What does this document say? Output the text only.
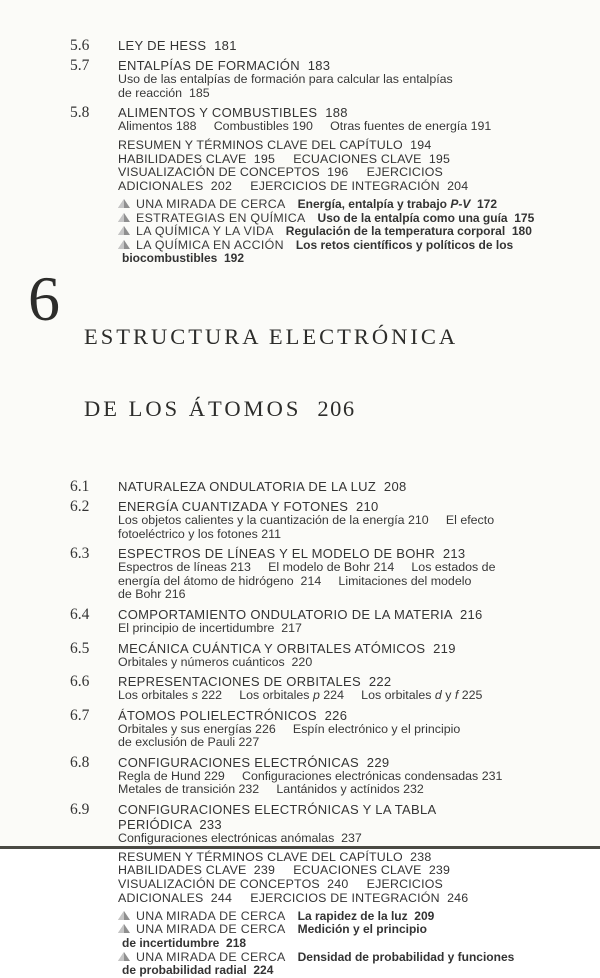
5.6 LEY DE HESS  181
5.7 ENTALPÍAS DE FORMACIÓN  183
Uso de las entalpías de formación para calcular las entalpías
de reacción  185
5.8 ALIMENTOS Y COMBUSTIBLES  188
Alimentos 188     Combustibles 190     Otras fuentes de energía 191
RESUMEN Y TÉRMINOS CLAVE DEL CAPÍTULO  194
HABILIDADES CLAVE  195     ECUACIONES CLAVE  195
VISUALIZACIÓN DE CONCEPTOS  196     EJERCICIOS
ADICIONALES  202     EJERCICIOS DE INTEGRACIÓN  204
UNA MIRADA DE CERCA Energía, entalpía y trabajo P-V  172
ESTRATEGIAS EN QUÍMICA Uso de la entalpía como una guía  175
LA QUÍMICA Y LA VIDA Regulación de la temperatura corporal  180
LA QUÍMICA EN ACCIÓN Los retos científicos y políticos de los
biocombustibles  192
6

ESTRUCTURA ELECTRÓNICA

DE LOS ÁTOMOS 206

6.1 NATURALEZA ONDULATORIA DE LA LUZ  208
6.2 ENERGÍA CUANTIZADA Y FOTONES  210
Los objetos calientes y la cuantización de la energía 210     El efecto
fotoeléctrico y los fotones 211
6.3 ESPECTROS DE LÍNEAS Y EL MODELO DE BOHR  213
Espectros de líneas 213     El modelo de Bohr 214     Los estados de
energía del átomo de hidrógeno  214     Limitaciones del modelo
de Bohr 216
6.4 COMPORTAMIENTO ONDULATORIO DE LA MATERIA  216
El principio de incertidumbre  217
6.5 MECÁNICA CUÁNTICA Y ORBITALES ATÓMICOS  219
Orbitales y números cuánticos  220
6.6 REPRESENTACIONES DE ORBITALES  222
Los orbitales s 222     Los orbitales p 224     Los orbitales d y f 225
6.7 ÁTOMOS POLIELECTRÓNICOS  226
Orbitales y sus energías 226     Espín electrónico y el principio
de exclusión de Pauli 227
6.8 CONFIGURACIONES ELECTRÓNICAS  229
Regla de Hund 229     Configuraciones electrónicas condensadas 231
Metales de transición 232     Lantánidos y actínidos 232
6.9 CONFIGURACIONES ELECTRÓNICAS Y LA TABLA
PERIÓDICA  233
Configuraciones electrónicas anómalas  237
RESUMEN Y TÉRMINOS CLAVE DEL CAPÍTULO  238
HABILIDADES CLAVE  239     ECUACIONES CLAVE  239
VISUALIZACIÓN DE CONCEPTOS  240     EJERCICIOS
ADICIONALES  244     EJERCICIOS DE INTEGRACIÓN  246
UNA MIRADA DE CERCA La rapidez de la luz  209
UNA MIRADA DE CERCA Medición y el principio
de incertidumbre  218
UNA MIRADA DE CERCA Densidad de probabilidad y funciones
de probabilidad radial  224
